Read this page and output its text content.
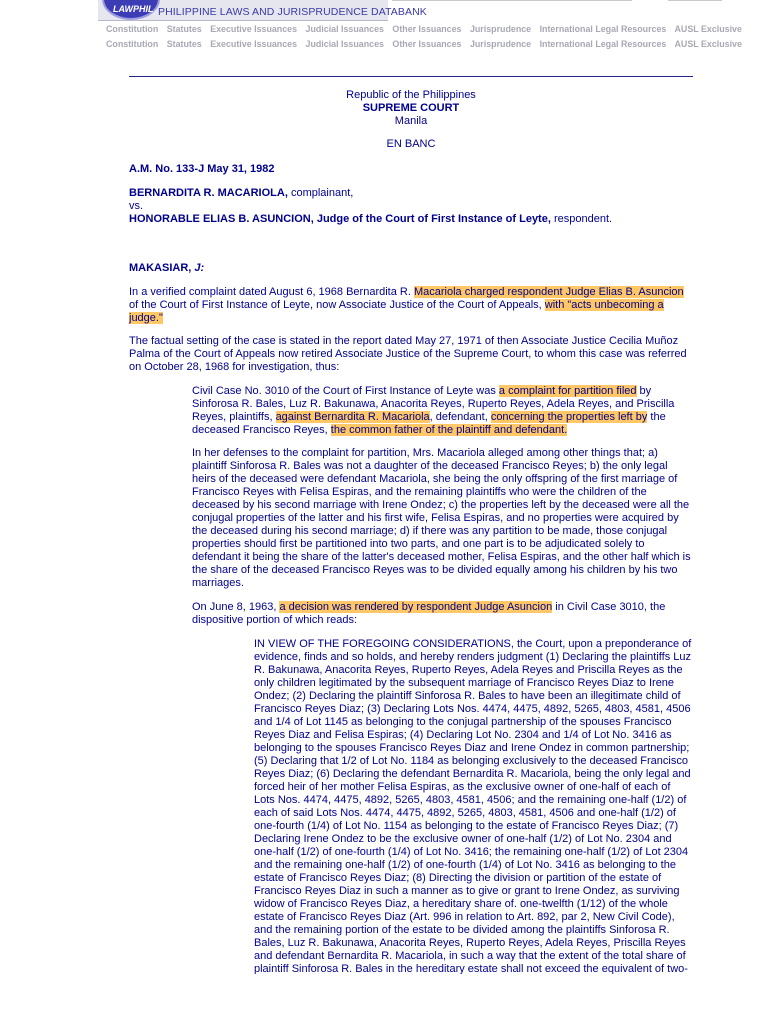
LAWPHIL PHILIPPINE LAWS AND JURISPRUDENCE DATABANK
Constitution Statutes Executive Issuances Judicial Issuances Other Issuances Jurisprudence International Legal Resources AUSL Exclusive
Constitution Statutes Executive Issuances Judicial Issuances Other Issuances Jurisprudence International Legal Resources AUSL Exclusive
Republic of the Philippines
SUPREME COURT
Manila
EN BANC
A.M. No. 133-J May 31, 1982
BERNARDITA R. MACARIOLA, complainant,
vs.
HONORABLE ELIAS B. ASUNCION, Judge of the Court of First Instance of Leyte, respondent.
MAKASIAR, J:
In a verified complaint dated August 6, 1968 Bernardita R. Macariola charged respondent Judge Elias B. Asuncion of the Court of First Instance of Leyte, now Associate Justice of the Court of Appeals, with "acts unbecoming a judge."
The factual setting of the case is stated in the report dated May 27, 1971 of then Associate Justice Cecilia Muñoz Palma of the Court of Appeals now retired Associate Justice of the Supreme Court, to whom this case was referred on October 28, 1968 for investigation, thus:
Civil Case No. 3010 of the Court of First Instance of Leyte was a complaint for partition filed by Sinforosa R. Bales, Luz R. Bakunawa, Anacorita Reyes, Ruperto Reyes, Adela Reyes, and Priscilla Reyes, plaintiffs, against Bernardita R. Macariola, defendant, concerning the properties left by the deceased Francisco Reyes, the common father of the plaintiff and defendant.
In her defenses to the complaint for partition, Mrs. Macariola alleged among other things that; a) plaintiff Sinforosa R. Bales was not a daughter of the deceased Francisco Reyes; b) the only legal heirs of the deceased were defendant Macariola, she being the only offspring of the first marriage of Francisco Reyes with Felisa Espiras, and the remaining plaintiffs who were the children of the deceased by his second marriage with Irene Ondez; c) the properties left by the deceased were all the conjugal properties of the latter and his first wife, Felisa Espiras, and no properties were acquired by the deceased during his second marriage; d) if there was any partition to be made, those conjugal properties should first be partitioned into two parts, and one part is to be adjudicated solely to defendant it being the share of the latter's deceased mother, Felisa Espiras, and the other half which is the share of the deceased Francisco Reyes was to be divided equally among his children by his two marriages.
On June 8, 1963, a decision was rendered by respondent Judge Asuncion in Civil Case 3010, the dispositive portion of which reads:
IN VIEW OF THE FOREGOING CONSIDERATIONS, the Court, upon a preponderance of evidence, finds and so holds, and hereby renders judgment (1) Declaring the plaintiffs Luz R. Bakunawa, Anacorita Reyes, Ruperto Reyes, Adela Reyes and Priscilla Reyes as the only children legitimated by the subsequent marriage of Francisco Reyes Diaz to Irene Ondez; (2) Declaring the plaintiff Sinforosa R. Bales to have been an illegitimate child of Francisco Reyes Diaz; (3) Declaring Lots Nos. 4474, 4475, 4892, 5265, 4803, 4581, 4506 and 1/4 of Lot 1145 as belonging to the conjugal partnership of the spouses Francisco Reyes Diaz and Felisa Espiras; (4) Declaring Lot No. 2304 and 1/4 of Lot No. 3416 as belonging to the spouses Francisco Reyes Diaz and Irene Ondez in common partnership; (5) Declaring that 1/2 of Lot No. 1184 as belonging exclusively to the deceased Francisco Reyes Diaz; (6) Declaring the defendant Bernardita R. Macariola, being the only legal and forced heir of her mother Felisa Espiras, as the exclusive owner of one-half of each of Lots Nos. 4474, 4475, 4892, 5265, 4803, 4581, 4506; and the remaining one-half (1/2) of each of said Lots Nos. 4474, 4475, 4892, 5265, 4803, 4581, 4506 and one-half (1/2) of one-fourth (1/4) of Lot No. 1154 as belonging to the estate of Francisco Reyes Diaz; (7) Declaring Irene Ondez to be the exclusive owner of one-half (1/2) of Lot No. 2304 and one-half (1/2) of one-fourth (1/4) of Lot No. 3416; the remaining one-half (1/2) of Lot 2304 and the remaining one-half (1/2) of one-fourth (1/4) of Lot No. 3416 as belonging to the estate of Francisco Reyes Diaz; (8) Directing the division or partition of the estate of Francisco Reyes Diaz in such a manner as to give or grant to Irene Ondez, as surviving widow of Francisco Reyes Diaz, a hereditary share of. one-twelfth (1/12) of the whole estate of Francisco Reyes Diaz (Art. 996 in relation to Art. 892, par 2, New Civil Code), and the remaining portion of the estate to be divided among the plaintiffs Sinforosa R. Bales, Luz R. Bakunawa, Anacorita Reyes, Ruperto Reyes, Adela Reyes, Priscilla Reyes and defendant Bernardita R. Macariola, in such a way that the extent of the total share of plaintiff Sinforosa R. Bales in the hereditary estate shall not exceed the equivalent of two-
